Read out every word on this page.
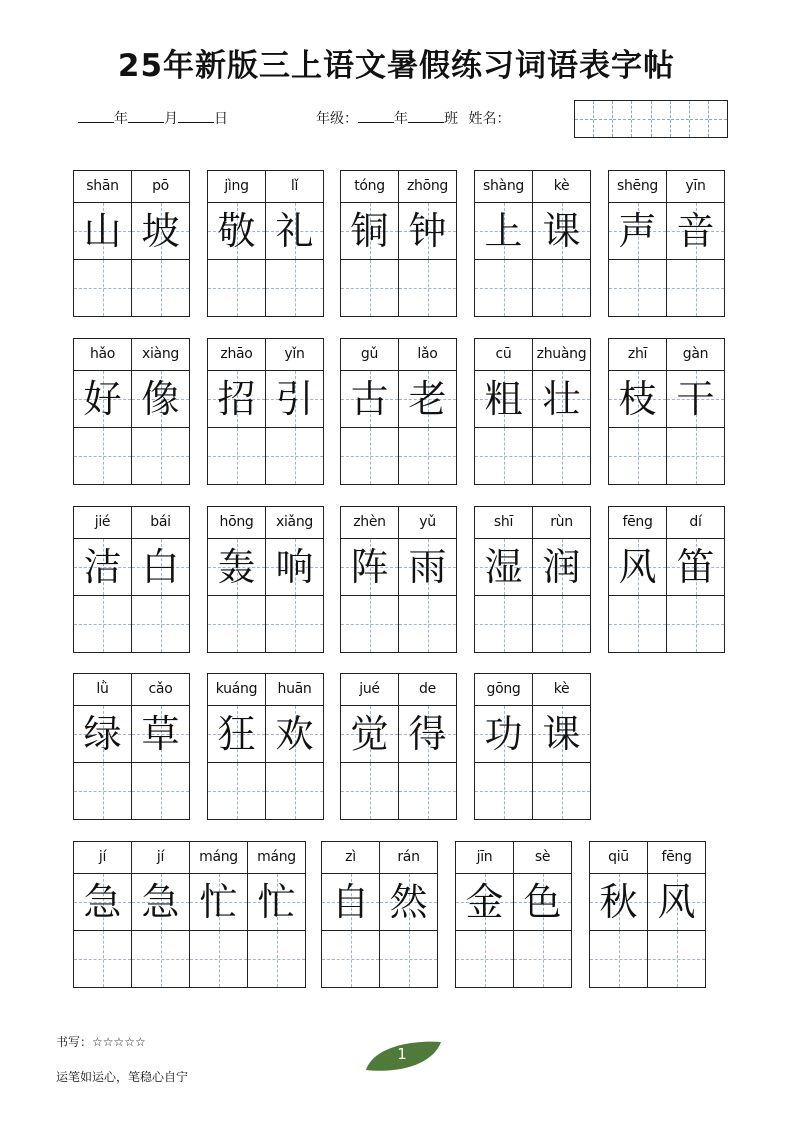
25年新版三上语文暑假练习词语表字帖
年	月	日	年级：	年	班 姓名：
shān
山
pō
坡
jìng
敬
lǐ
礼
tóng
铜
zhōng
钟
shàng
上
kè
课
shēng
声
yīn
音
hǎo
好
xiàng
像
zhāo
招
yǐn
引
gǔ
古
lǎo
老
cū
粗
zhuàng
壮
zhī
枝
gàn
干
jié
洁
bái
白
hōng
轰
xiǎng
响
zhèn
阵
yǔ
雨
shī
湿
rùn
润
fēng
风
dí
笛
lǜ
绿
cǎo
草
kuáng
狂
huān
欢
jué
觉
de
得
gōng
功
kè
课
jí
急
jí
急
máng
忙
máng
忙
zì
自
rán
然
jīn
金
sè
色
qiū
秋
fēng
风
书写：☆☆☆☆☆
运笔如运心，笔稳心自宁
1
